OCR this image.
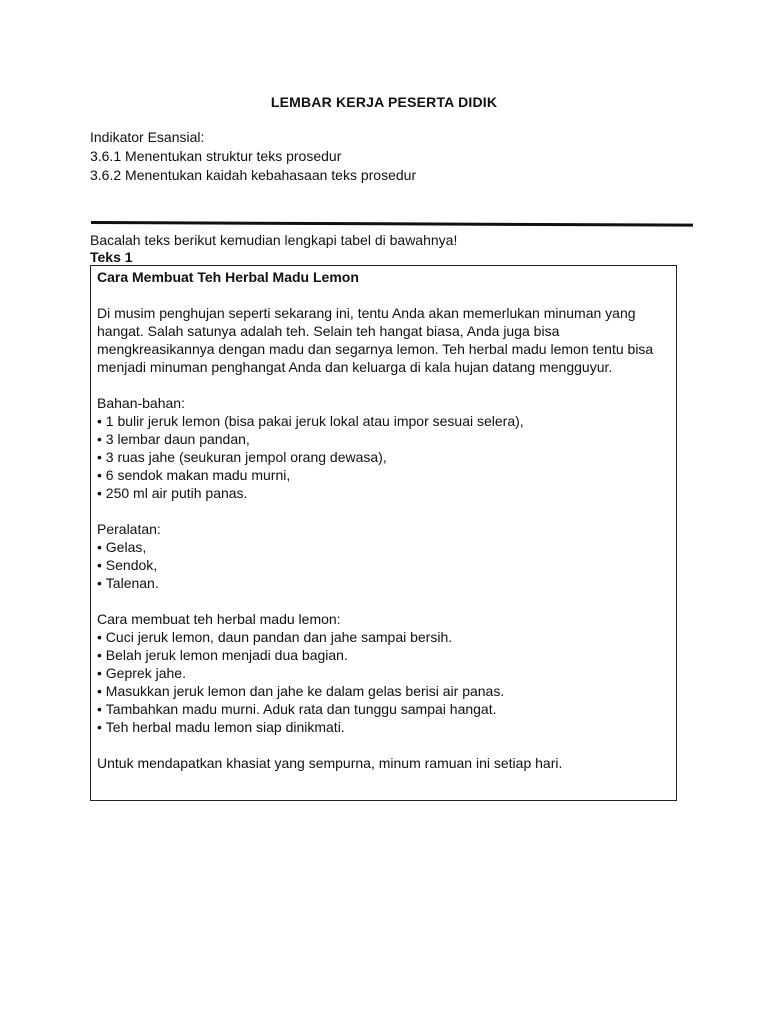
LEMBAR KERJA PESERTA DIDIK
Indikator Esansial:
3.6.1 Menentukan struktur teks prosedur
3.6.2 Menentukan kaidah kebahasaan teks prosedur
Bacalah teks berikut kemudian lengkapi tabel di bawahnya!
Teks 1
Cara Membuat Teh Herbal Madu Lemon

Di musim penghujan seperti sekarang ini, tentu Anda akan memerlukan minuman yang hangat. Salah satunya adalah teh. Selain teh hangat biasa, Anda juga bisa mengkreasikannya dengan madu dan segarnya lemon. Teh herbal madu lemon tentu bisa menjadi minuman penghangat Anda dan keluarga di kala hujan datang mengguyur.

Bahan-bahan:

• 1 bulir jeruk lemon (bisa pakai jeruk lokal atau impor sesuai selera),
• 3 lembar daun pandan,
• 3 ruas jahe (seukuran jempol orang dewasa),
• 6 sendok makan madu murni,
• 250 ml air putih panas.

Peralatan:

• Gelas,
• Sendok,
• Talenan.

Cara membuat teh herbal madu lemon:

• Cuci jeruk lemon, daun pandan dan jahe sampai bersih.
• Belah jeruk lemon menjadi dua bagian.
• Geprek jahe.
• Masukkan jeruk lemon dan jahe ke dalam gelas berisi air panas.
• Tambahkan madu murni. Aduk rata dan tunggu sampai hangat.
• Teh herbal madu lemon siap dinikmati.

Untuk mendapatkan khasiat yang sempurna, minum ramuan ini setiap hari.
